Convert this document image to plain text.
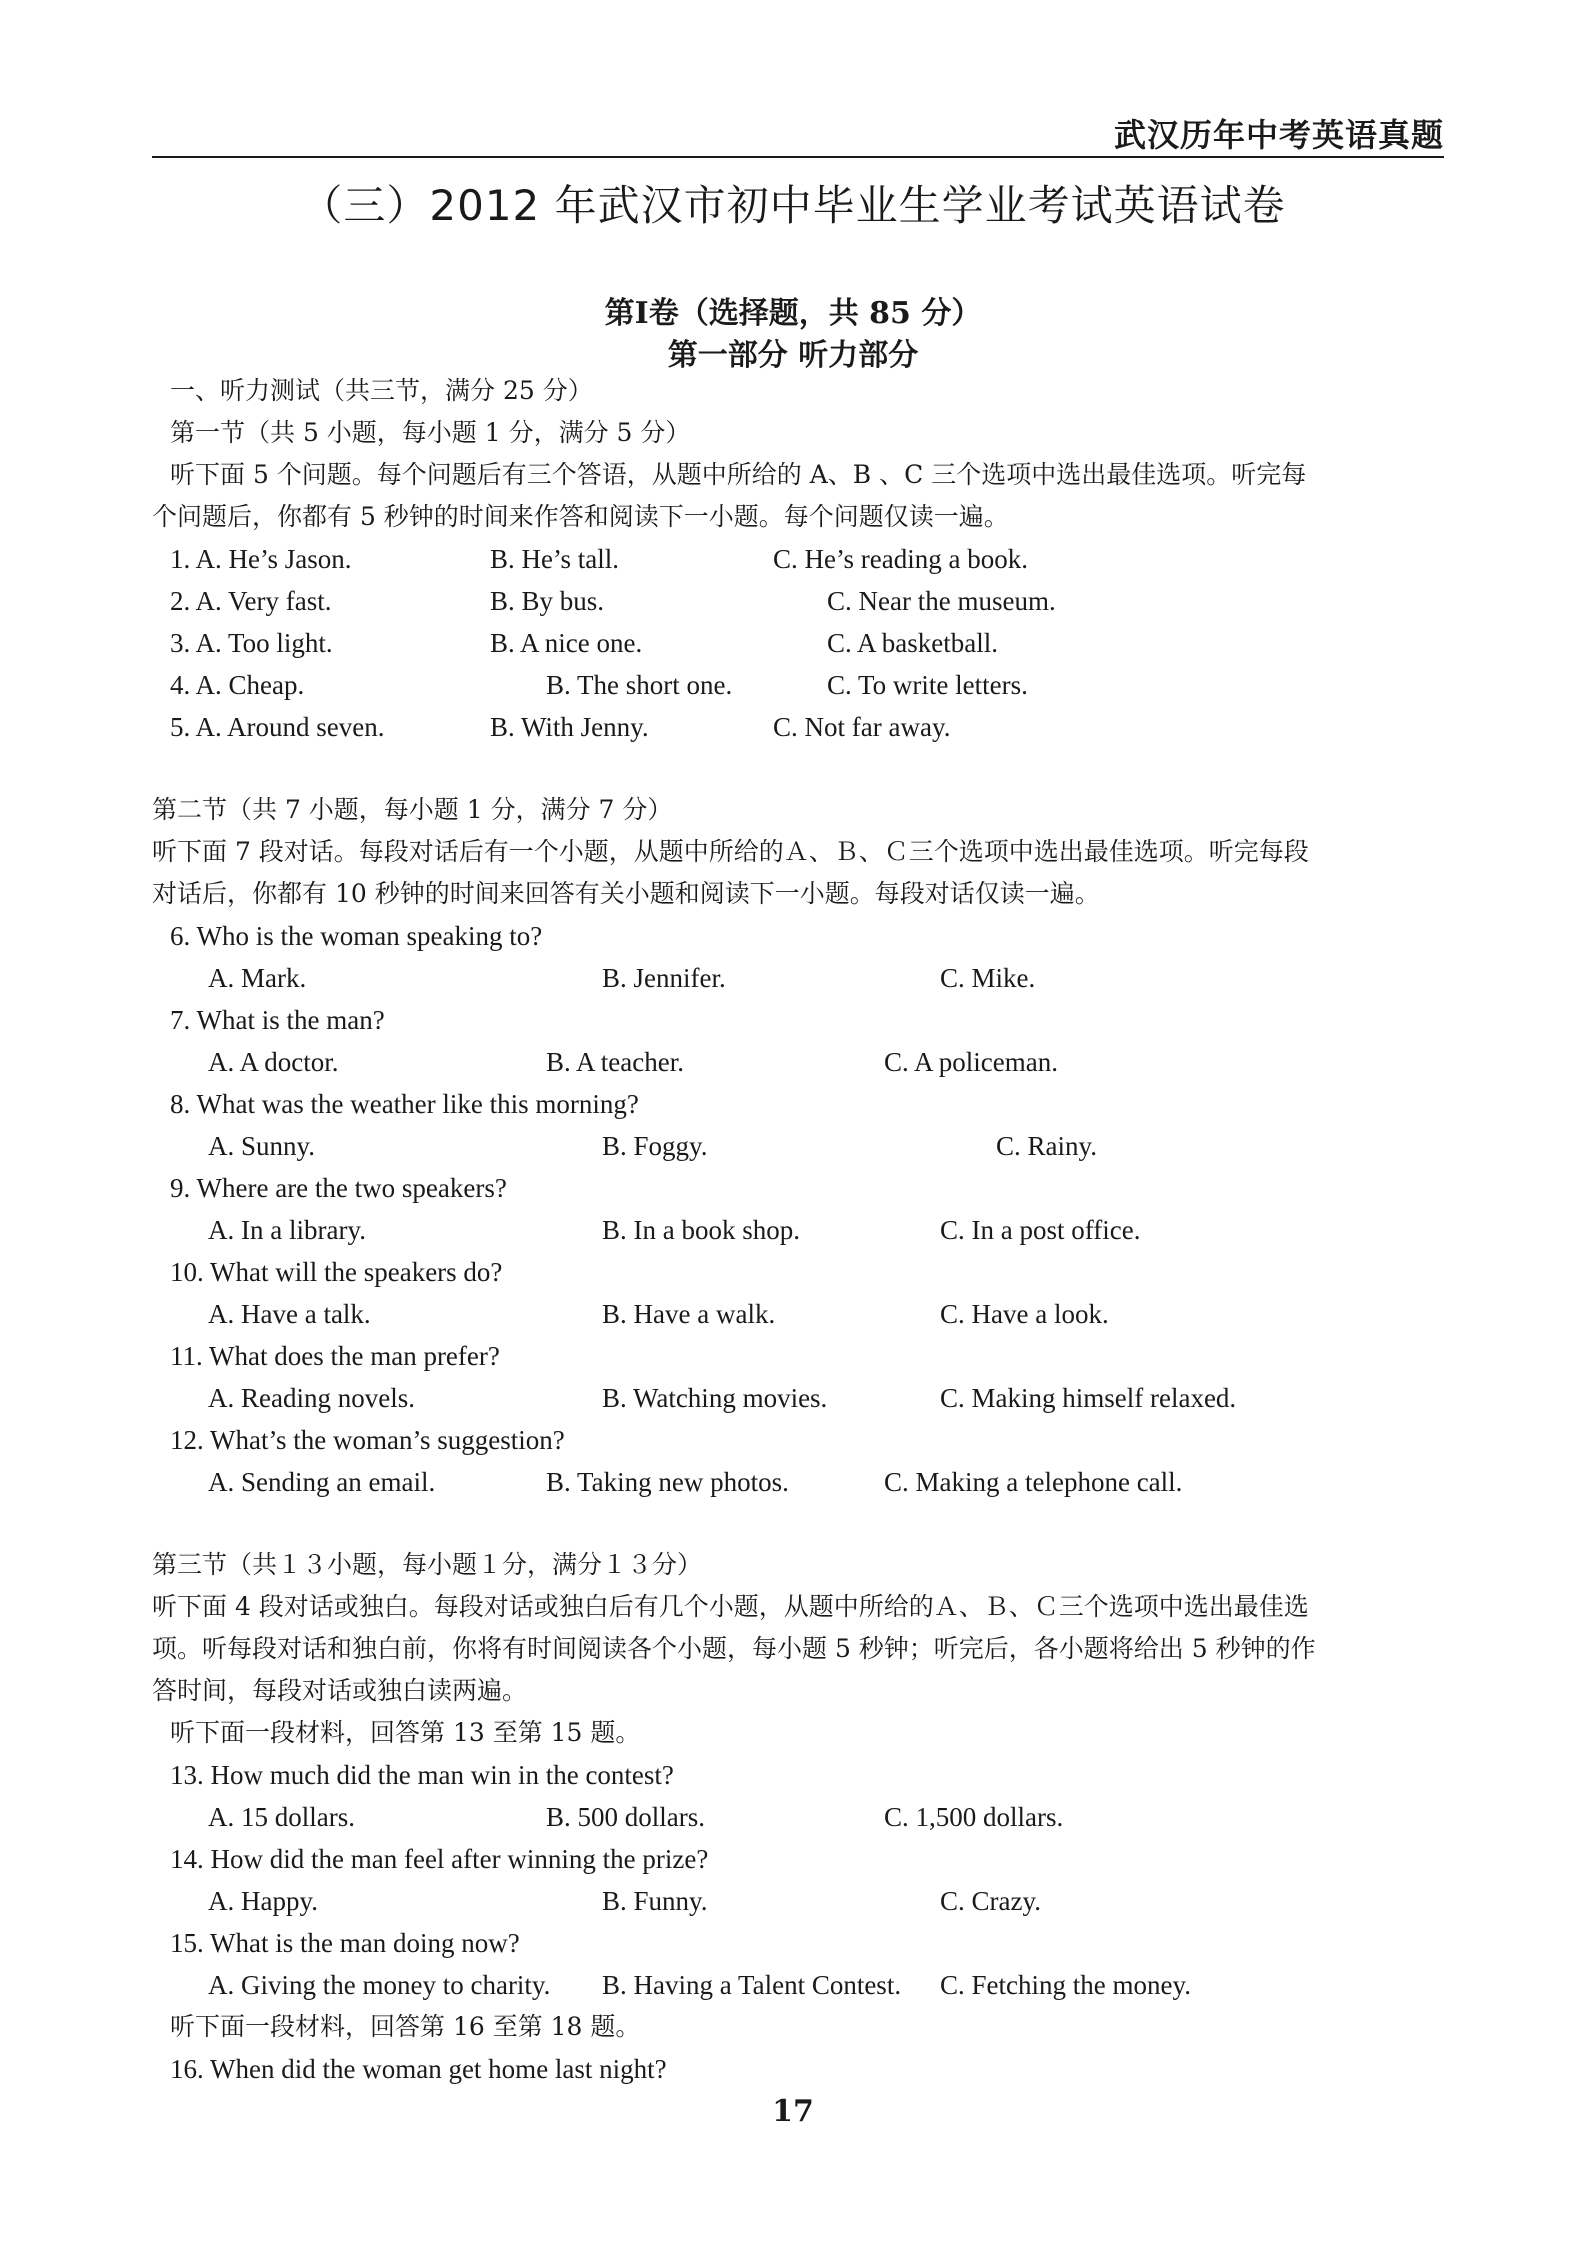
武汉历年中考英语真题
（三）2012 年武汉市初中毕业生学业考试英语试卷
第Ⅰ卷（选择题，共 85 分）
第一部分 听力部分
一、听力测试（共三节，满分 25 分）
第一节（共 5 小题，每小题 1 分，满分 5 分）
听下面 5 个问题。每个问题后有三个答语，从题中所给的 A、B 、C 三个选项中选出最佳选项。听完每
个问题后，你都有 5 秒钟的时间来作答和阅读下一小题。每个问题仅读一遍。
1. A. He’s Jason.	B. He’s tall.	C. He’s reading a book.
2. A. Very fast.	B. By bus.	C. Near the museum.
3. A. Too light.	B. A nice one.	C. A basketball.
4. A. Cheap.	B. The short one.	C. To write letters.
5. A. Around seven.	B. With Jenny.	C. Not far away.
第二节（共 7 小题，每小题 1 分，满分 7 分）
听下面 7 段对话。每段对话后有一个小题，从题中所给的Ａ、Ｂ、Ｃ三个选项中选出最佳选项。听完每段
对话后，你都有 10 秒钟的时间来回答有关小题和阅读下一小题。每段对话仅读一遍。
6. Who is the woman speaking to?
A. Mark.	B. Jennifer.	C. Mike.
7. What is the man?
A. A doctor.	B. A teacher.	C. A policeman.
8. What was the weather like this morning?
A. Sunny.	B. Foggy.	C. Rainy.
9. Where are the two speakers?
A. In a library.	B. In a book shop.	C. In a post office.
10. What will the speakers do?
A. Have a talk.	B. Have a walk.	C. Have a look.
11. What does the man prefer?
A. Reading novels.	B. Watching movies.	C. Making himself relaxed.
12. What’s the woman’s suggestion?
A. Sending an email.	B. Taking new photos.	C. Making a telephone call.
第三节（共１３小题，每小题１分，满分１３分）
听下面 4 段对话或独白。每段对话或独白后有几个小题，从题中所给的Ａ、Ｂ、Ｃ三个选项中选出最佳选
项。听每段对话和独白前，你将有时间阅读各个小题，每小题 5 秒钟；听完后，各小题将给出 5 秒钟的作
答时间，每段对话或独白读两遍。
听下面一段材料，回答第 13 至第 15 题。
13. How much did the man win in the contest?
A. 15 dollars.	B. 500 dollars.	C. 1,500 dollars.
14. How did the man feel after winning the prize?
A. Happy.	B. Funny.	C. Crazy.
15. What is the man doing now?
A. Giving the money to charity. B. Having a Talent Contest. C. Fetching the money.
听下面一段材料，回答第 16 至第 18 题。
16. When did the woman get home last night?
17
